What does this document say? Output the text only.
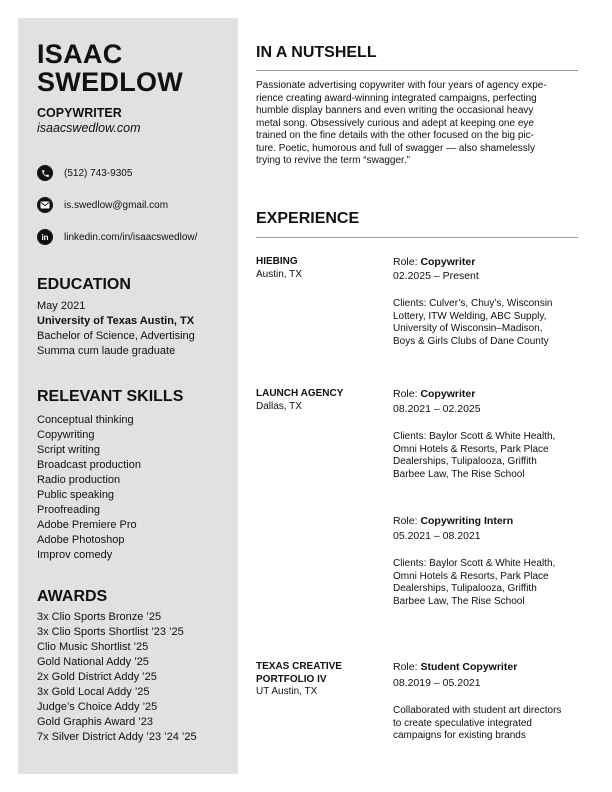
ISAAC
SWEDLOW
COPYWRITER
isaacswedlow.com
(512) 743-9305
is.swedlow@gmail.com
in	linkedin.com/in/isaacswedlow/
EDUCATION
May 2021
University of Texas Austin, TX
Bachelor of Science, Advertising
Summa cum laude graduate
RELEVANT SKILLS
Conceptual thinking
Copywriting
Script writing
Broadcast production
Radio production
Public speaking
Proofreading
Adobe Premiere Pro
Adobe Photoshop
Improv comedy
AWARDS
3x Clio Sports Bronze ’25
3x Clio Sports Shortlist ’23 ’25
Clio Music Shortlist ’25
Gold National Addy ’25
2x Gold District Addy ’25
3x Gold Local Addy ’25
Judge’s Choice Addy ’25
Gold Graphis Award ’23
7x Silver District Addy ’23 ’24 ’25
IN A NUTSHELL
Passionate advertising copywriter with four years of agency expe-
rience creating award-winning integrated campaigns, perfecting
humble display banners and even writing the occasional heavy
metal song. Obsessively curious and adept at keeping one eye
trained on the fine details with the other focused on the big pic-
ture. Poetic, humorous and full of swagger — also shamelessly
trying to revive the term “swagger.”
EXPERIENCE
HIEBING
Austin, TX
Role: Copywriter
02.2025 – Present
Clients: Culver’s, Chuy’s, Wisconsin
Lottery, ITW Welding, ABC Supply,
University of Wisconsin–Madison,
Boys & Girls Clubs of Dane County
LAUNCH AGENCY
Dallas, TX
Role: Copywriter
08.2021 – 02.2025
Clients: Baylor Scott & White Health,
Omni Hotels & Resorts, Park Place
Dealerships, Tulipalooza, Griffith
Barbee Law, The Rise School
Role: Copywriting Intern
05.2021 – 08.2021
Clients: Baylor Scott & White Health,
Omni Hotels & Resorts, Park Place
Dealerships, Tulipalooza, Griffith
Barbee Law, The Rise School
TEXAS CREATIVE
PORTFOLIO IV
UT Austin, TX
Role: Student Copywriter
08.2019 – 05.2021
Collaborated with student art directors
to create speculative integrated
campaigns for existing brands
